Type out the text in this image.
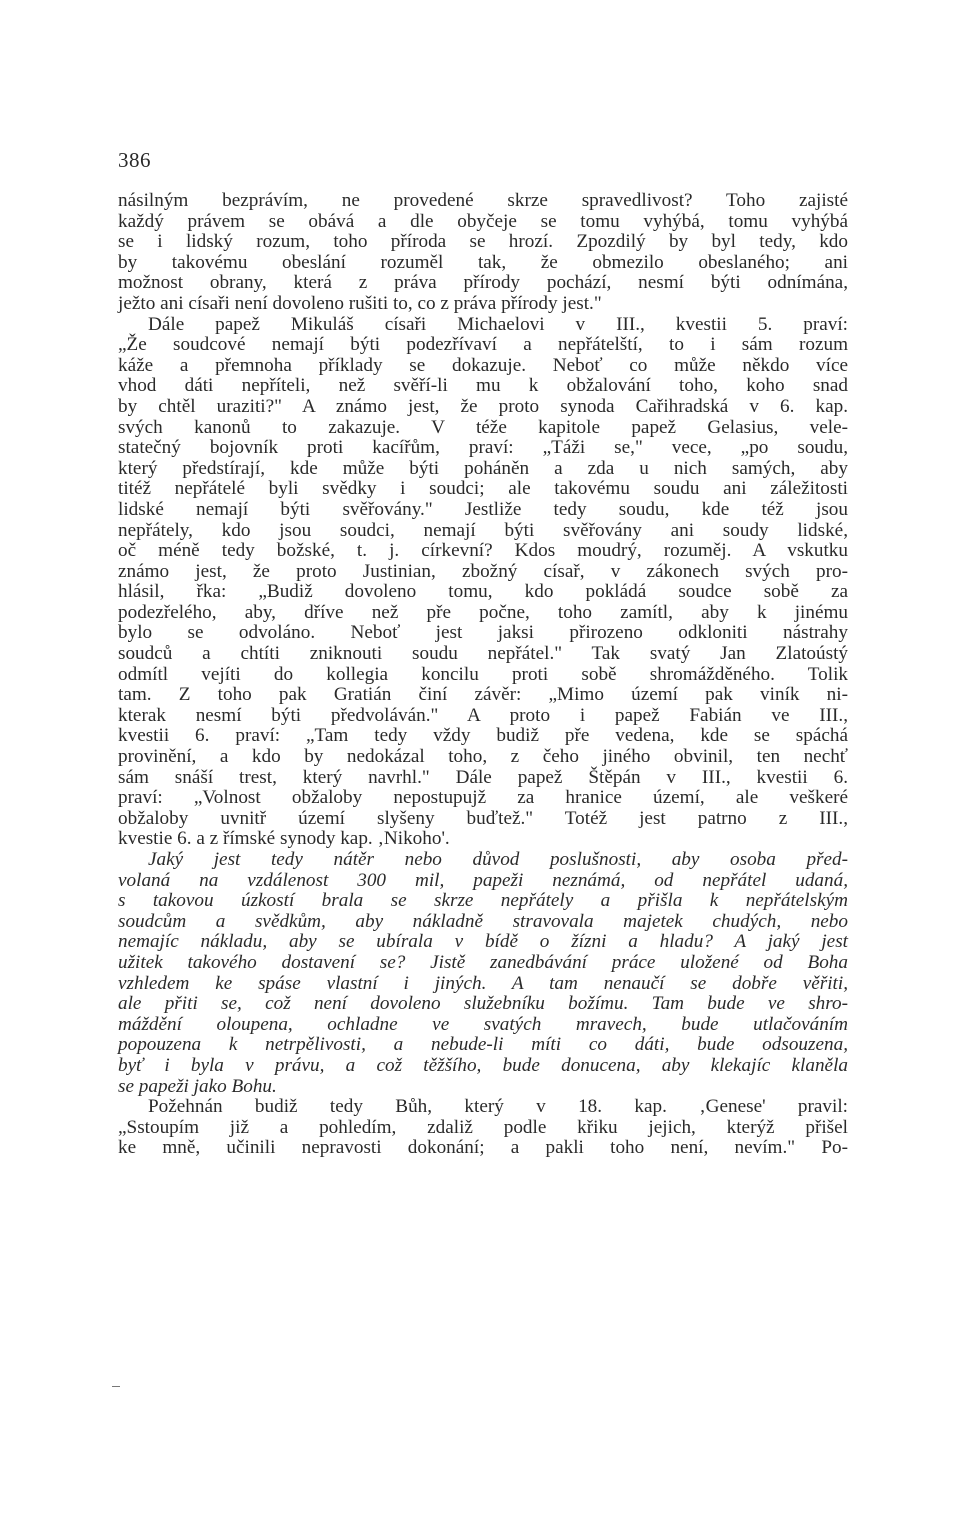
386
násilným bezprávím, ne provedené skrze spravedlivost? Toho zajisté
každý právem se obává a dle obyčeje se tomu vyhýbá, tomu vyhýbá
se i lidský rozum, toho příroda se hrozí. Zpozdilý by byl tedy, kdo
by takovému obeslání rozuměl tak, že obmezilo obeslaného; ani
možnost obrany, která z práva přírody pochází, nesmí býti odnímána,
ježto ani císaři není dovoleno rušiti to, co z práva přírody jest."
Dále papež Mikuláš císaři Michaelovi v III., kvestii 5. praví:
„Že soudcové nemají býti podezřívaví a nepřátelští, to i sám rozum
káže a přemnoha příklady se dokazuje. Neboť co může někdo více
vhod dáti nepříteli, než svěří-li mu k obžalování toho, koho snad
by chtěl uraziti?" A známo jest, že proto synoda Cařihradská v 6. kap.
svých kanonů to zakazuje. V téže kapitole papež Gelasius, vele-
statečný bojovník proti kacířům, praví: „Táži se," vece, „po soudu,
který předstírají, kde může býti poháněn a zda u nich samých, aby
titéž nepřátelé byli svědky i soudci; ale takovému soudu ani záležitosti
lidské nemají býti svěřovány." Jestliže tedy soudu, kde též jsou
nepřátely, kdo jsou soudci, nemají býti svěřovány ani soudy lidské,
oč méně tedy božské, t. j. církevní? Kdos moudrý, rozuměj. A vskutku
známo jest, že proto Justinian, zbožný císař, v zákonech svých pro-
hlásil, řka: „Budiž dovoleno tomu, kdo pokládá soudce sobě za
podezřelého, aby, dříve než pře počne, toho zamítl, aby k jinému
bylo se odvoláno. Neboť jest jaksi přirozeno odkloniti nástrahy
soudců a chtíti zniknouti soudu nepřátel." Tak svatý Jan Zlatoústý
odmítl vejíti do kollegia koncilu proti sobě shromážděného. Tolik
tam. Z toho pak Gratián činí závěr: „Mimo území pak viník ni-
kterak nesmí býti předvoláván." A proto i papež Fabián ve III.,
kvestii 6. praví: „Tam tedy vždy budiž pře vedena, kde se spáchá
provinění, a kdo by nedokázal toho, z čeho jiného obvinil, ten nechť
sám snáší trest, který navrhl." Dále papež Štěpán v III., kvestii 6.
praví: „Volnost obžaloby nepostupujž za hranice území, ale veškeré
obžaloby uvnitř území slyšeny buďtež." Totéž jest patrno z III.,
kvestie 6. a z římské synody kap. ‚Nikoho'.
Jaký jest tedy nátěr nebo důvod poslušnosti, aby osoba před-
volaná na vzdálenost 300 mil, papeži neznámá, od nepřátel udaná,
s takovou úzkostí brala se skrze nepřátely a přišla k nepřátelským
soudcům a svědkům, aby nákladně stravovala majetek chudých, nebo
nemajíc nákladu, aby se ubírala v bídě o žízni a hladu? A jaký jest
užitek takového dostavení se? Jistě zanedbávání práce uložené od Boha
vzhledem ke spáse vlastní i jiných. A tam nenaučí se dobře věřiti,
ale přiti se, což není dovoleno služebníku božímu. Tam bude ve shro-
máždění oloupena, ochladne ve svatých mravech, bude utlačováním
popouzena k netrpělivosti, a nebude-li míti co dáti, bude odsouzena,
byť i byla v právu, a což těžšího, bude donucena, aby klekajíc klaněla
se papeži jako Bohu.
Požehnán budiž tedy Bůh, který v 18. kap. ‚Genese' pravil:
„Sstoupím již a pohledím, zdaliž podle křiku jejich, kterýž přišel
ke mně, učinili nepravosti dokonání; a pakli toho není, nevím." Po-
